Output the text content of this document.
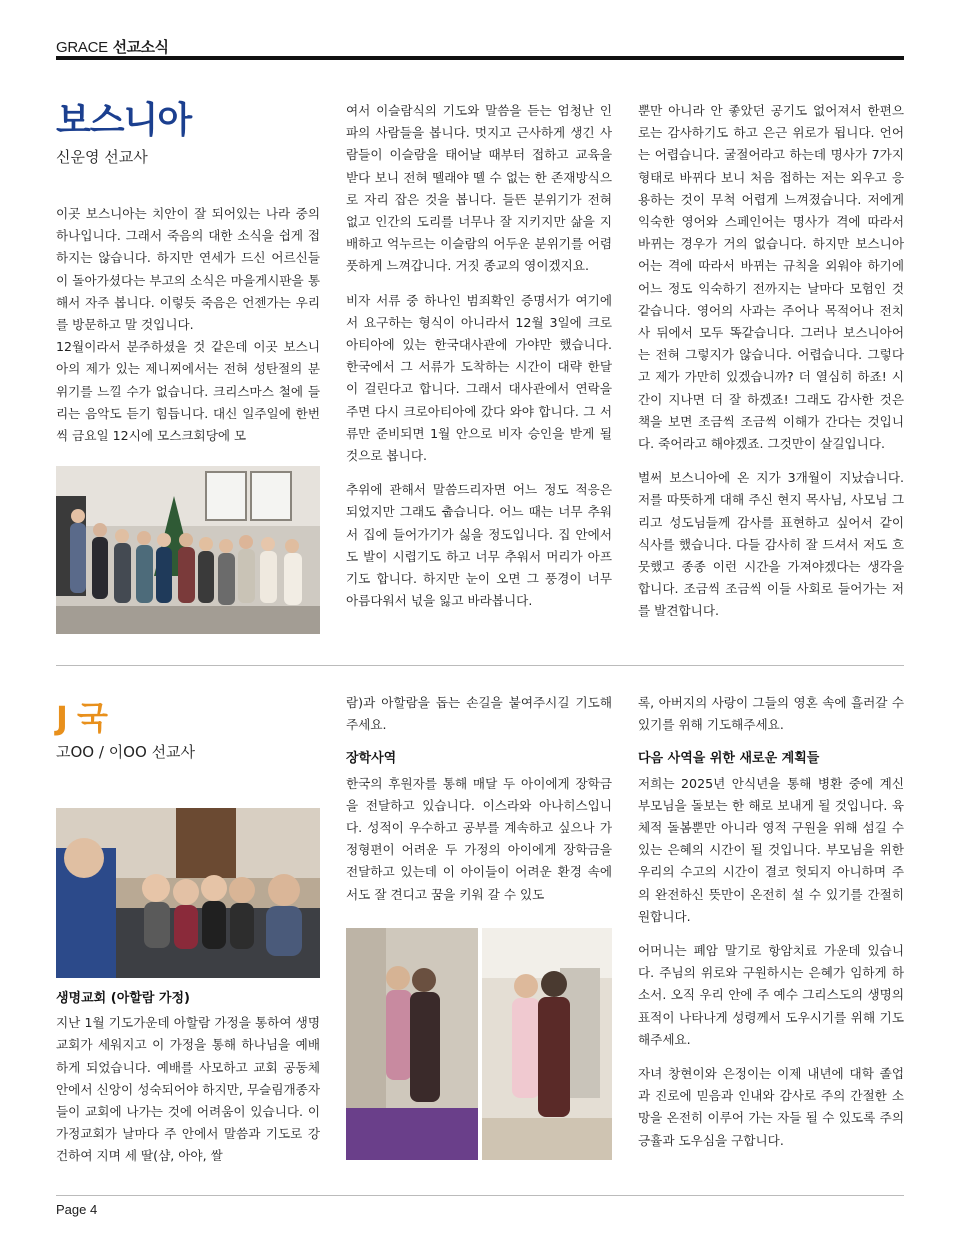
GRACE 선교소식
보스니아
신운영 선교사

이곳 보스니아는 치안이 잘 되어있는 나라 중의 하나입니다. 그래서 죽음의 대한 소식을 쉽게 접하지는 않습니다. 하지만 연세가 드신 어르신들이 돌아가셨다는 부고의 소식은 마을게시판을 통해서 자주 봅니다. 이렇듯 죽음은 언젠가는 우리를 방문하고 말 것입니다.

12월이라서 분주하셨을 것 같은데 이곳 보스니아의 제가 있는 제니찌에서는 전혀 성탄절의 분위기를 느낄 수가 없습니다. 크리스마스 철에 들리는 음악도 듣기 힘듭니다. 대신 일주일에 한번씩 금요일 12시에 모스크회당에 모

여서 이슬람식의 기도와 말씀을 듣는 엄청난 인파의 사람들을 봅니다. 멋지고 근사하게 생긴 사람들이 이슬람을 태어날 때부터 접하고 교육을 받다 보니 전혀 뗄래야 뗄 수 없는 한 존재방식으로 자리 잡은 것을 봅니다. 들뜬 분위기가 전혀 없고 인간의 도리를 너무나 잘 지키지만 삶을 지배하고 억누르는 이슬람의 어두운 분위기를 어렴풋하게 느껴갑니다. 거짓 종교의 영이겠지요.

비자 서류 중 하나인 범죄확인 증명서가 여기에서 요구하는 형식이 아니라서 12월 3일에 크로아티아에 있는 한국대사관에 가야만 했습니다. 한국에서 그 서류가 도착하는 시간이 대략 한달이 걸린다고 합니다. 그래서 대사관에서 연락을 주면 다시 크로아티아에 갔다 와야 합니다. 그 서류만 준비되면 1월 안으로 비자 승인을 받게 될 것으로 봅니다.

추위에 관해서 말씀드리자면 어느 정도 적응은 되었지만 그래도 춥습니다. 어느 때는 너무 추워서 집에 들어가기가 싫을 정도입니다. 집 안에서도 발이 시렵기도 하고 너무 추워서 머리가 아프기도 합니다. 하지만 눈이 오면 그 풍경이 너무 아름다워서 넋을 잃고 바라봅니다.

뿐만 아니라 안 좋았던 공기도 없어져서 한편으로는 감사하기도 하고 은근 위로가 됩니다. 언어는 어렵습니다. 굴절어라고 하는데 명사가 7가지 형태로 바뀌다 보니 처음 접하는 저는 외우고 응용하는 것이 무척 어렵게 느껴졌습니다. 저에게 익숙한 영어와 스페인어는 명사가 격에 따라서 바뀌는 경우가 거의 없습니다. 하지만 보스니아어는 격에 따라서 바뀌는 규칙을 외워야 하기에 어느 정도 익숙하기 전까지는 날마다 모험인 것 같습니다. 영어의 사과는 주어나 목적어나 전치사 뒤에서 모두 똑같습니다. 그러나 보스니아어는 전혀 그렇지가 않습니다. 어렵습니다. 그렇다고 제가 가만히 있겠습니까? 더 열심히 하죠! 시간이 지나면 더 잘 하겠죠! 그래도 감사한 것은 책을 보면 조금씩 조금씩 이해가 간다는 것입니다. 죽어라고 해야겠죠. 그것만이 살길입니다.

벌써 보스니아에 온 지가 3개월이 지났습니다. 저를 따뜻하게 대해 주신 현지 목사님, 사모님 그리고 성도님들께 감사를 표현하고 싶어서 같이 식사를 했습니다. 다들 감사히 잘 드셔서 저도 흐뭇했고 종종 이런 시간을 가져야겠다는 생각을 합니다. 조금씩 조금씩 이들 사회로 들어가는 저를 발견합니다.

J 국
고OO / 이OO 선교사
생명교회 (아할람 가정)

지난 1월 기도가운데 아할람 가정을 통하여 생명교회가 세워지고 이 가정을 통해 하나님을 예배하게 되었습니다. 예배를 사모하고 교회 공동체 안에서 신앙이 성숙되어야 하지만, 무슬림개종자들이 교회에 나가는 것에 어려움이 있습니다. 이 가정교회가 날마다 주 안에서 말씀과 기도로 강건하여 지며 세 딸(샴, 아야, 쌀

람)과 아할람을 돕는 손길을 붙여주시길 기도해주세요.

장학사역

한국의 후원자를 통해 매달 두 아이에게 장학금을 전달하고 있습니다. 이스라와 아나히스입니다. 성적이 우수하고 공부를 계속하고 싶으나 가정형편이 어려운 두 가정의 아이에게 장학금을 전달하고 있는데 이 아이들이 어려운 환경 속에서도 잘 견디고 꿈을 키워 갈 수 있도

록, 아버지의 사랑이 그들의 영혼 속에 흘러갈 수 있기를 위해 기도해주세요.

다음 사역을 위한 새로운 계획들

저희는 2025년 안식년을 통해 병환 중에 계신 부모님을 돌보는 한 해로 보내게 될 것입니다. 육체적 돌봄뿐만 아니라 영적 구원을 위해 섬길 수 있는 은혜의 시간이 될 것입니다. 부모님을 위한 우리의 수고의 시간이 결코 헛되지 아니하며 주의 완전하신 뜻만이 온전히 설 수 있기를 간절히 원합니다.

어머니는 폐암 말기로 항암치료 가운데 있습니다. 주님의 위로와 구원하시는 은혜가 임하게 하소서. 오직 우리 안에 주 예수 그리스도의 생명의 표적이 나타나게 성령께서 도우시기를 위해 기도해주세요.

자녀 창현이와 은정이는 이제 내년에 대학 졸업과 진로에 믿음과 인내와 감사로 주의 간절한 소망을 온전히 이루어 가는 자들 될 수 있도록 주의 긍휼과 도우심을 구합니다.

Page 4
